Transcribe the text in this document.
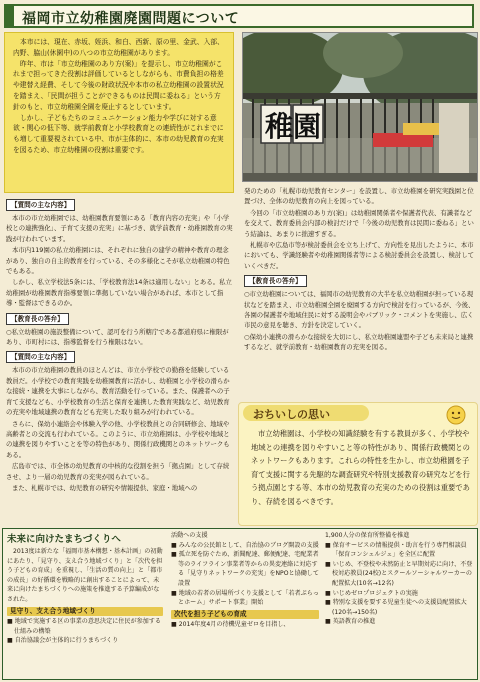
福岡市立幼稚園廃園問題について

本市には、現在、赤坂、姪浜、和白、西新、原の里、金武、入部、内野、脇山(休園中)の八つの市立幼稚園があります。

昨年、市は「市立幼稚園のあり方(案)」を提示し、市立幼稚園がこれまで担ってきた役割は評価しているとしながらも、市費負担の格差や建替え経費、そして今後の財政状況や本市の私立幼稚園の設置状況を踏まえ、「民間が担うことができるものは民間に委ねる」という方針のもと、市立幼稚園全園を廃止するとしています。

しかし、子どもたちのコミュニケーション能力や学びに対する意欲・関心の低下等、就学前教育と小学校教育との連続性がこれまでにも増して重要視されている中、市が主体的に、本市の幼児教育の充実を図るため、市立幼稚園の役割は重要です。

稚園
【質問の主な内容】

本市の市立幼稚園では、幼稚園教育要領にある「教育内容の充実」や「小学校との連携強化」、子育て支援の充実」に基づき、就学前教育・幼稚園教育の実践が行われています。

本市内119園の私立幼稚園には、それぞれに独自の建学の精神や教育の理念があり、独自の自主的教育を行っている、その多様化こそが私立幼稚園の特色でもある。

しかし、私立学校法5条には、「学校教育法14条は適用しない」とある。私立幼稚園が幼稚園教育指導要領に準拠していない場合があれば、本市として指導・監督はできるのか。

【教育長の答弁】

○私立幼稚園の施設整備について、認可を行う所轄庁である都道府県に権限があり、市町村には、指導監督を行う権限はない。

【質問の主な内容】

本市の市立幼稚園の教員のほとんどは、市立小学校での勤務を経験している教員だ。小学校での教育実践を幼稚園教育に活かし、幼稚園と小学校の滑らかな接続・連携を大事にしながら、教育活動を行っている。また、保護者への子育て支援なども、小学校教育の生活と保育を連携した教育実践など、幼児教育の充実や地域連携の教育なども充実した取り組みが行われている。

さらに、保幼小連絡会や体験入学の他、小学校教員との合同研修会、地域や高齢者との交流も行われている。このように、市立幼稚園は、小学校や地域との連携を図りやすいことを等の特色があり、関係行政機関とのネットワークもある。

広島市では、市全体の幼児教育の中核的な役割を担う「拠点園」として存続させ、より一層の幼児教育の充実が図られている。

また、札幌市では、幼児教育の研究や情報提供、家庭・地域への

発のための「札幌市幼児教育センター」を設置し、市立幼稚園を研究実践園と位置づけ、全体の幼児教育の向上を図っている。

今回の「市立幼稚園のあり方(案)」は幼稚園関係者や保護者代表、有識者などを交えて、教育委員会内部の検討だけで「今後の幼児教育は民間に委ねる」という結論は、あまりに拙速すぎる。

札幌市や広島市等が検討委員会を立ち上げて、方向性を見出したように、本市においても、学識経験者や幼稚園関係者等による検討委員会を設置し、検討していくべきだ。

【教育長の答弁】

○市立幼稚園については、福岡市の幼児教育の大半を私立幼稚園が担っている現状などを踏まえ、市立幼稚園全園を廃園する方向で検討を行っているが、今後、各園の保護者や地域住民に対する説明会やパブリック・コメントを実施し、広く市民の意見を聴き、方針を決定していく。

○保幼小連携の滑らかな接続を大切にし、私立幼稚園連盟や子ども未来局と連携するなど、就学前教育・幼稚園教育の充実を図る。

おちいしの思い

市立幼稚園は、小学校の知識経験を有する教員が多く、小学校や地域との連携を図りやすいこと等の特性があり、関係行政機関とのネットワークもあります。これらの特性を生かし、市立幼稚園を子育て支援に関する先駆的な調査研究や特別支援教育の研究などを行う拠点園とする等、本市の幼児教育の充実のための役割は重要であり、存続を図るべきです。

未来に向けたまちづくりへ

2013度は新たな「福岡市基本構想・基本計画」の初動にあたり、「見守り、支え合う地域づくり」と「次代を担う子どもの育成」を重視し、「生活の質の向上」と「都市の成長」の好循環を戦略的に創出することによって、未来に向けたまちづくりへの施策を推進する予算編成がなされた。

見守り、支え合う地域づくり

■ 地域で実施する区の事業の意思決定に住民が参加する仕組みの構築

■ 自治協議会が主体的に行うまちづくり

活動への支援

■ みんなの公民館として、自治協のブログ開設の支援

■ 孤立死を防ぐため、新聞配達、郵便配達、宅配業者等のライフライン事業者等からの異変連絡に対応する「見守りネットワークの充実」をNPOと協働して設置

■ 地域の若者の居場所づくり支援として「若者ぷらっとホーム」サポート事業」開始

次代を担う子どもの育成

■ 2014年度4月の待機児童ゼロを目指し、

1,900人分の保育所整備を推進

■ 保育サービスの情報提供・助言を行う専門相談員「保育コンシェルジュ」を全区に配置

■ いじめ、不登校や未然防止と早期対応に向け、不登校対応教員(24校)とスクールソーシャルワーカーの配置拡大(10名→12名)

■ いじめゼロプロジェクトの実施

■ 特別な支援を要する児童生徒への支援員配置拡大(120名→150名)

■ 英語教育の推進
